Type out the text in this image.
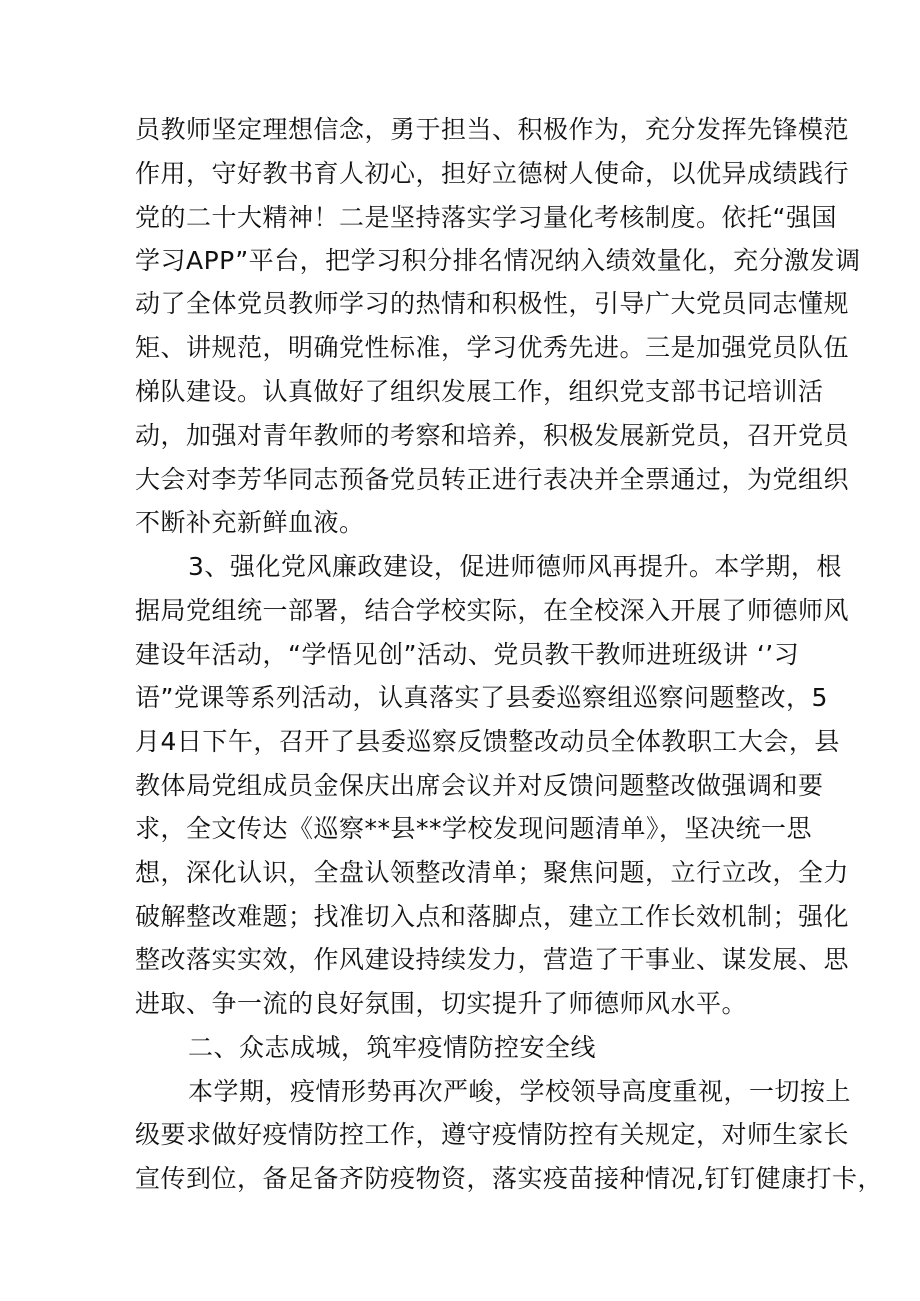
员教师坚定理想信念，勇于担当、积极作为，充分发挥先锋模范
作用，守好教书育人初心，担好立德树人使命，以优异成绩践行
党的二十大精神！二是坚持落实学习量化考核制度。依托“强国
学习APP”平台，把学习积分排名情况纳入绩效量化，充分激发调
动了全体党员教师学习的热情和积极性，引导广大党员同志懂规
矩、讲规范，明确党性标准，学习优秀先进。三是加强党员队伍
梯队建设。认真做好了组织发展工作，组织党支部书记培训活
动，加强对青年教师的考察和培养，积极发展新党员，召开党员
大会对李芳华同志预备党员转正进行表决并全票通过，为党组织
不断补充新鲜血液。
3、强化党风廉政建设，促进师德师风再提升。本学期，根
据局党组统一部署，结合学校实际，在全校深入开展了师德师风
建设年活动，“学悟见创”活动、党员教干教师进班级讲 ‘’习
语”党课等系列活动，认真落实了县委巡察组巡察问题整改，5
月4日下午，召开了县委巡察反馈整改动员全体教职工大会，县
教体局党组成员金保庆出席会议并对反馈问题整改做强调和要
求，全文传达《巡察**县**学校发现问题清单》，坚决统一思
想，深化认识，全盘认领整改清单；聚焦问题，立行立改，全力
破解整改难题；找准切入点和落脚点，建立工作长效机制；强化
整改落实实效，作风建设持续发力，营造了干事业、谋发展、思
进取、争一流的良好氛围，切实提升了师德师风水平。
二、众志成城，筑牢疫情防控安全线
本学期，疫情形势再次严峻，学校领导高度重视，一切按上
级要求做好疫情防控工作，遵守疫情防控有关规定，对师生家长
宣传到位，备足备齐防疫物资，落实疫苗接种情况,钉钉健康打卡，
